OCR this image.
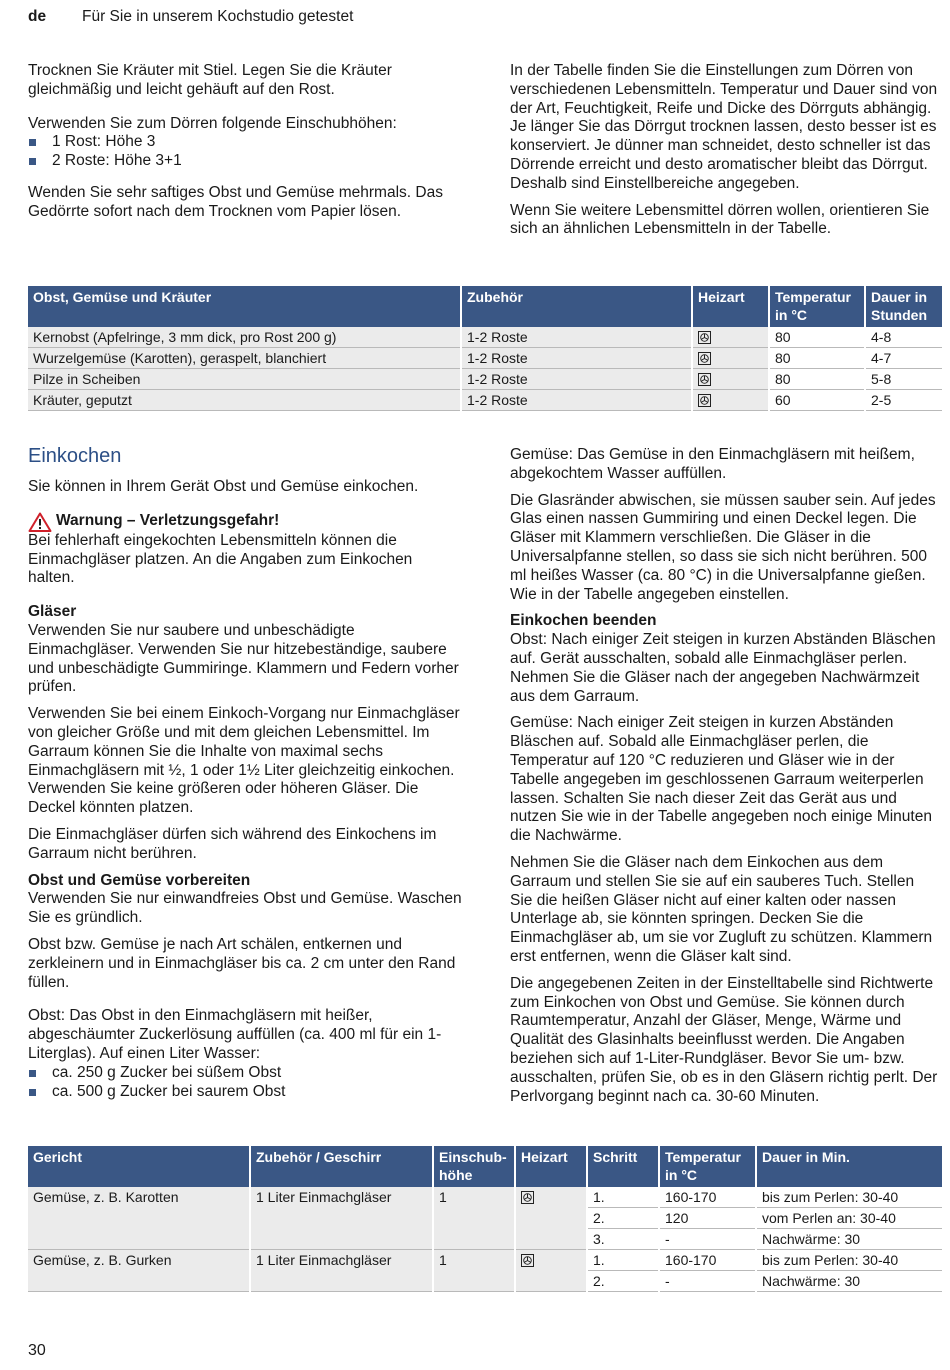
de Für Sie in unserem Kochstudio getestet

Trocknen Sie Kräuter mit Stiel. Legen Sie die Kräuter gleichmäßig und leicht gehäuft auf den Rost.

Verwenden Sie zum Dörren folgende Einschubhöhen:

1 Rost: Höhe 3
2 Roste: Höhe 3+1

Wenden Sie sehr saftiges Obst und Gemüse mehrmals. Das Gedörrte sofort nach dem Trocknen vom Papier lösen.

In der Tabelle finden Sie die Einstellungen zum Dörren von verschiedenen Lebensmitteln. Temperatur und Dauer sind von der Art, Feuchtigkeit, Reife und Dicke des Dörrguts abhängig. Je länger Sie das Dörrgut trocknen lassen, desto besser ist es konserviert. Je dünner man schneidet, desto schneller ist das Dörrende erreicht und desto aromatischer bleibt das Dörrgut. Deshalb sind Einstellbereiche angegeben.

Wenn Sie weitere Lebensmittel dörren wollen, orientieren Sie sich an ähnlichen Lebensmitteln in der Tabelle.

Obst, Gemüse und Kräuter	Zubehör	Heizart	Temperatur in °C	Dauer in Stunden
Kernobst (Apfelringe, 3 mm dick, pro Rost 200 g)	1-2 Roste		80	4-8
Wurzelgemüse (Karotten), geraspelt, blanchiert	1-2 Roste		80	4-7
Pilze in Scheiben	1-2 Roste		80	5-8
Kräuter, geputzt	1-2 Roste		60	2-5
Einkochen

Sie können in Ihrem Gerät Obst und Gemüse einkochen.

Warnung – Verletzungsgefahr!

Bei fehlerhaft eingekochten Lebensmitteln können die Einmachgläser platzen. An die Angaben zum Einkochen halten.

Gläser

Verwenden Sie nur saubere und unbeschädigte Einmachgläser. Verwenden Sie nur hitzebeständige, saubere und unbeschädigte Gummiringe. Klammern und Federn vorher prüfen.

Verwenden Sie bei einem Einkoch-Vorgang nur Einmachgläser von gleicher Größe und mit dem gleichen Lebensmittel. Im Garraum können Sie die Inhalte von maximal sechs Einmachgläsern mit ½, 1 oder 1½ Liter gleichzeitig einkochen. Verwenden Sie keine größeren oder höheren Gläser. Die Deckel könnten platzen.

Die Einmachgläser dürfen sich während des Einkochens im Garraum nicht berühren.

Obst und Gemüse vorbereiten

Verwenden Sie nur einwandfreies Obst und Gemüse. Waschen Sie es gründlich.

Obst bzw. Gemüse je nach Art schälen, entkernen und zerkleinern und in Einmachgläser bis ca. 2 cm unter den Rand füllen.

Obst: Das Obst in den Einmachgläsern mit heißer, abgeschäumter Zuckerlösung auffüllen (ca. 400 ml für ein 1-Literglas). Auf einen Liter Wasser:

ca. 250 g Zucker bei süßem Obst
ca. 500 g Zucker bei saurem Obst

Gemüse: Das Gemüse in den Einmachgläsern mit heißem, abgekochtem Wasser auffüllen.

Die Glasränder abwischen, sie müssen sauber sein. Auf jedes Glas einen nassen Gummiring und einen Deckel legen. Die Gläser mit Klammern verschließen. Die Gläser in die Universalpfanne stellen, so dass sie sich nicht berühren. 500 ml heißes Wasser (ca. 80 °C) in die Universalpfanne gießen. Wie in der Tabelle angegeben einstellen.

Einkochen beenden

Obst: Nach einiger Zeit steigen in kurzen Abständen Bläschen auf. Gerät ausschalten, sobald alle Einmachgläser perlen. Nehmen Sie die Gläser nach der angegeben Nachwärmzeit aus dem Garraum.

Gemüse: Nach einiger Zeit steigen in kurzen Abständen Bläschen auf. Sobald alle Einmachgläser perlen, die Temperatur auf 120 °C reduzieren und Gläser wie in der Tabelle angegeben im geschlossenen Garraum weiterperlen lassen. Schalten Sie nach dieser Zeit das Gerät aus und nutzen Sie wie in der Tabelle angegeben noch einige Minuten die Nachwärme.

Nehmen Sie die Gläser nach dem Einkochen aus dem Garraum und stellen Sie sie auf ein sauberes Tuch. Stellen Sie die heißen Gläser nicht auf einer kalten oder nassen Unterlage ab, sie könnten springen. Decken Sie die Einmachgläser ab, um sie vor Zugluft zu schützen. Klammern erst entfernen, wenn die Gläser kalt sind.

Die angegebenen Zeiten in der Einstelltabelle sind Richtwerte zum Einkochen von Obst und Gemüse. Sie können durch Raumtemperatur, Anzahl der Gläser, Menge, Wärme und Qualität des Glasinhalts beeinflusst werden. Die Angaben beziehen sich auf 1-Liter-Rundgläser. Bevor Sie um- bzw. ausschalten, prüfen Sie, ob es in den Gläsern richtig perlt. Der Perlvorgang beginnt nach ca. 30-60 Minuten.

Gericht	Zubehör / Geschirr	Einschub-höhe	Heizart	Schritt	Temperatur in °C	Dauer in Min.
Gemüse, z. B. Karotten	1 Liter Einmachgläser	1		1.	160-170	bis zum Perlen: 30-40
				2.	120	vom Perlen an: 30-40
				3.	-	Nachwärme: 30
Gemüse, z. B. Gurken	1 Liter Einmachgläser	1		1.	160-170	bis zum Perlen: 30-40
				2.	-	Nachwärme: 30
30
